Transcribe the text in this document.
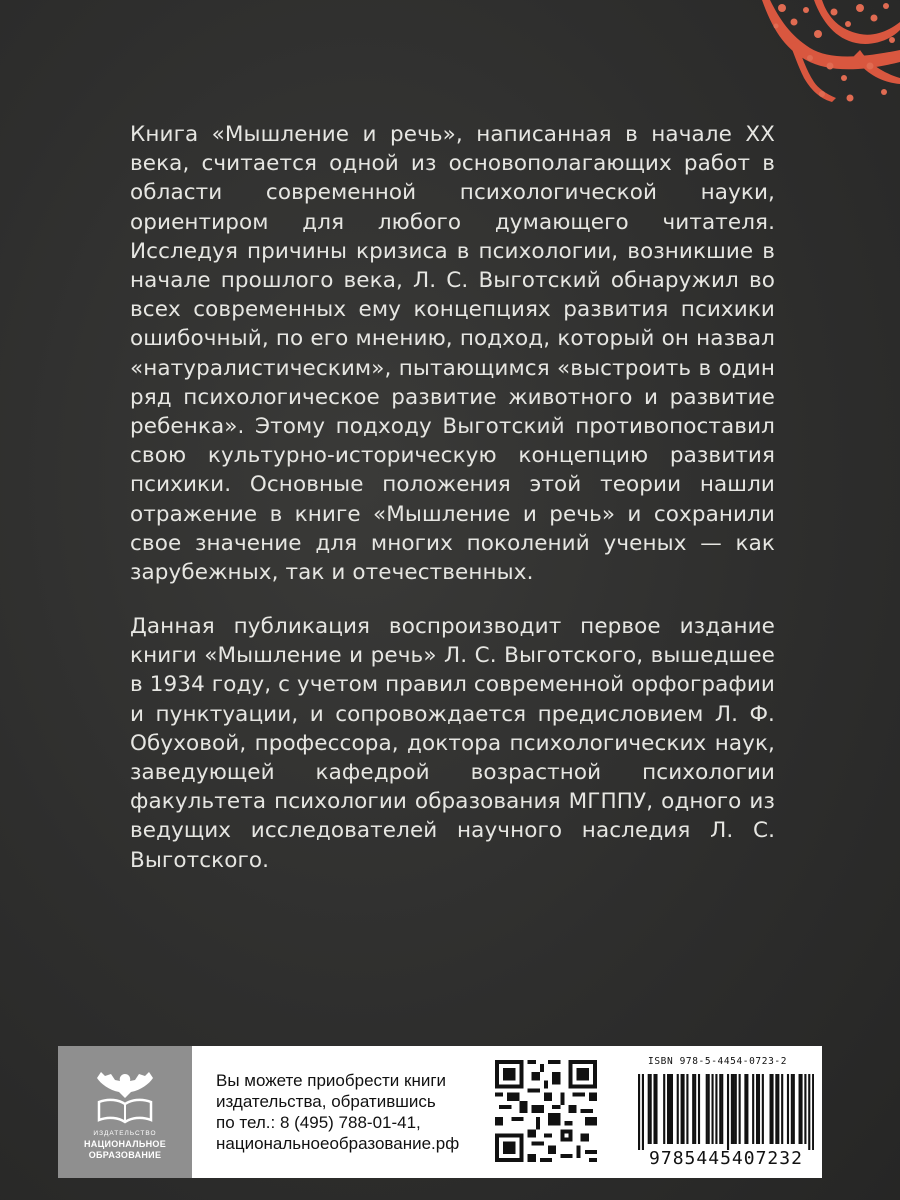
Книга «Мышление и речь», написанная в начале XX века, считается одной из основополагающих работ в области современной психологической науки, ориентиром для любого думающего читателя. Исследуя причины кризиса в психологии, возникшие в начале прошлого века, Л. С. Выготский обнаружил во всех современных ему концепциях развития психики ошибочный, по его мнению, подход, который он назвал «натуралистическим», пытающимся «выстроить в один ряд психологическое развитие животного и развитие ребенка». Этому подходу Выготский противопоставил свою культурно-историческую концепцию развития психики. Основные положения этой теории нашли отражение в книге «Мышление и речь» и сохранили свое значение для многих поколений ученых — как зарубежных, так и отечественных.

Данная публикация воспроизводит первое издание книги «Мышление и речь» Л. С. Выготского, вышедшее в 1934 году, с учетом правил современной орфографии и пунктуации, и сопровождается предисловием Л. Ф. Обуховой, профессора, доктора психологических наук, заведующей кафедрой возрастной психологии факультета психологии образования МГППУ, одного из ведущих исследователей научного наследия Л. С. Выготского.

ИЗДАТЕЛЬСТВО
НАЦИОНАЛЬНОЕ
ОБРАЗОВАНИЕ
Вы можете приобрести книги
издательства, обратившись
по тел.: 8 (495) 788-01-41,
национальноеобразование.рф
ISBN 978-5-4454-0723-2
9785445407232
